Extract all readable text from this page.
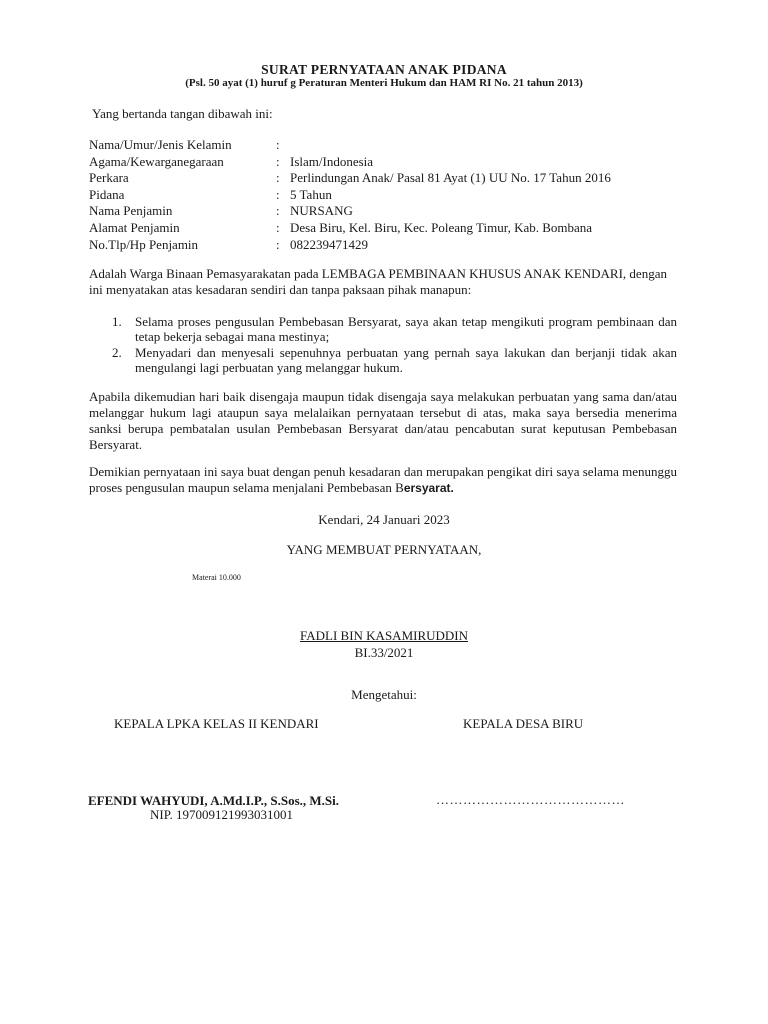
SURAT PERNYATAAN ANAK PIDANA
(Psl. 50 ayat (1) huruf g Peraturan Menteri Hukum dan HAM RI No. 21 tahun 2013)
Yang bertanda tangan dibawah ini:
Nama/Umur/Jenis Kelamin	:
Agama/Kewarganegaraan	: Islam/Indonesia
Perkara	: Perlindungan Anak/ Pasal 81 Ayat (1) UU No. 17 Tahun 2016
Pidana	: 5 Tahun
Nama Penjamin	: NURSANG
Alamat Penjamin	: Desa Biru, Kel. Biru, Kec. Poleang Timur, Kab. Bombana
No.Tlp/Hp Penjamin	: 082239471429
Adalah Warga Binaan Pemasyarakatan pada LEMBAGA PEMBINAAN KHUSUS ANAK KENDARI, dengan ini menyatakan atas kesadaran sendiri dan tanpa paksaan pihak manapun:
1. Selama proses pengusulan Pembebasan Bersyarat, saya akan tetap mengikuti program pembinaan dan tetap bekerja sebagai mana mestinya;
2. Menyadari dan menyesali sepenuhnya perbuatan yang pernah saya lakukan dan berjanji tidak akan mengulangi lagi perbuatan yang melanggar hukum.
Apabila dikemudian hari baik disengaja maupun tidak disengaja saya melakukan perbuatan yang sama dan/atau melanggar hukum lagi ataupun saya melalaikan pernyataan tersebut di atas, maka saya bersedia menerima sanksi berupa pembatalan usulan Pembebasan Bersyarat dan/atau pencabutan surat keputusan Pembebasan Bersyarat.
Demikian pernyataan ini saya buat dengan penuh kesadaran dan merupakan pengikat diri saya selama menunggu proses pengusulan maupun selama menjalani Pembebasan Bersyarat.
Kendari, 24 Januari 2023
YANG MEMBUAT PERNYATAAN,
Materai 10.000
FADLI BIN KASAMIRUDDIN
BI.33/2021
Mengetahui:
KEPALA LPKA KELAS II KENDARI	KEPALA DESA BIRU
EFENDI WAHYUDI, A.Md.I.P., S.Sos., M.Si.	……………………………………
NIP. 197009121993031001
